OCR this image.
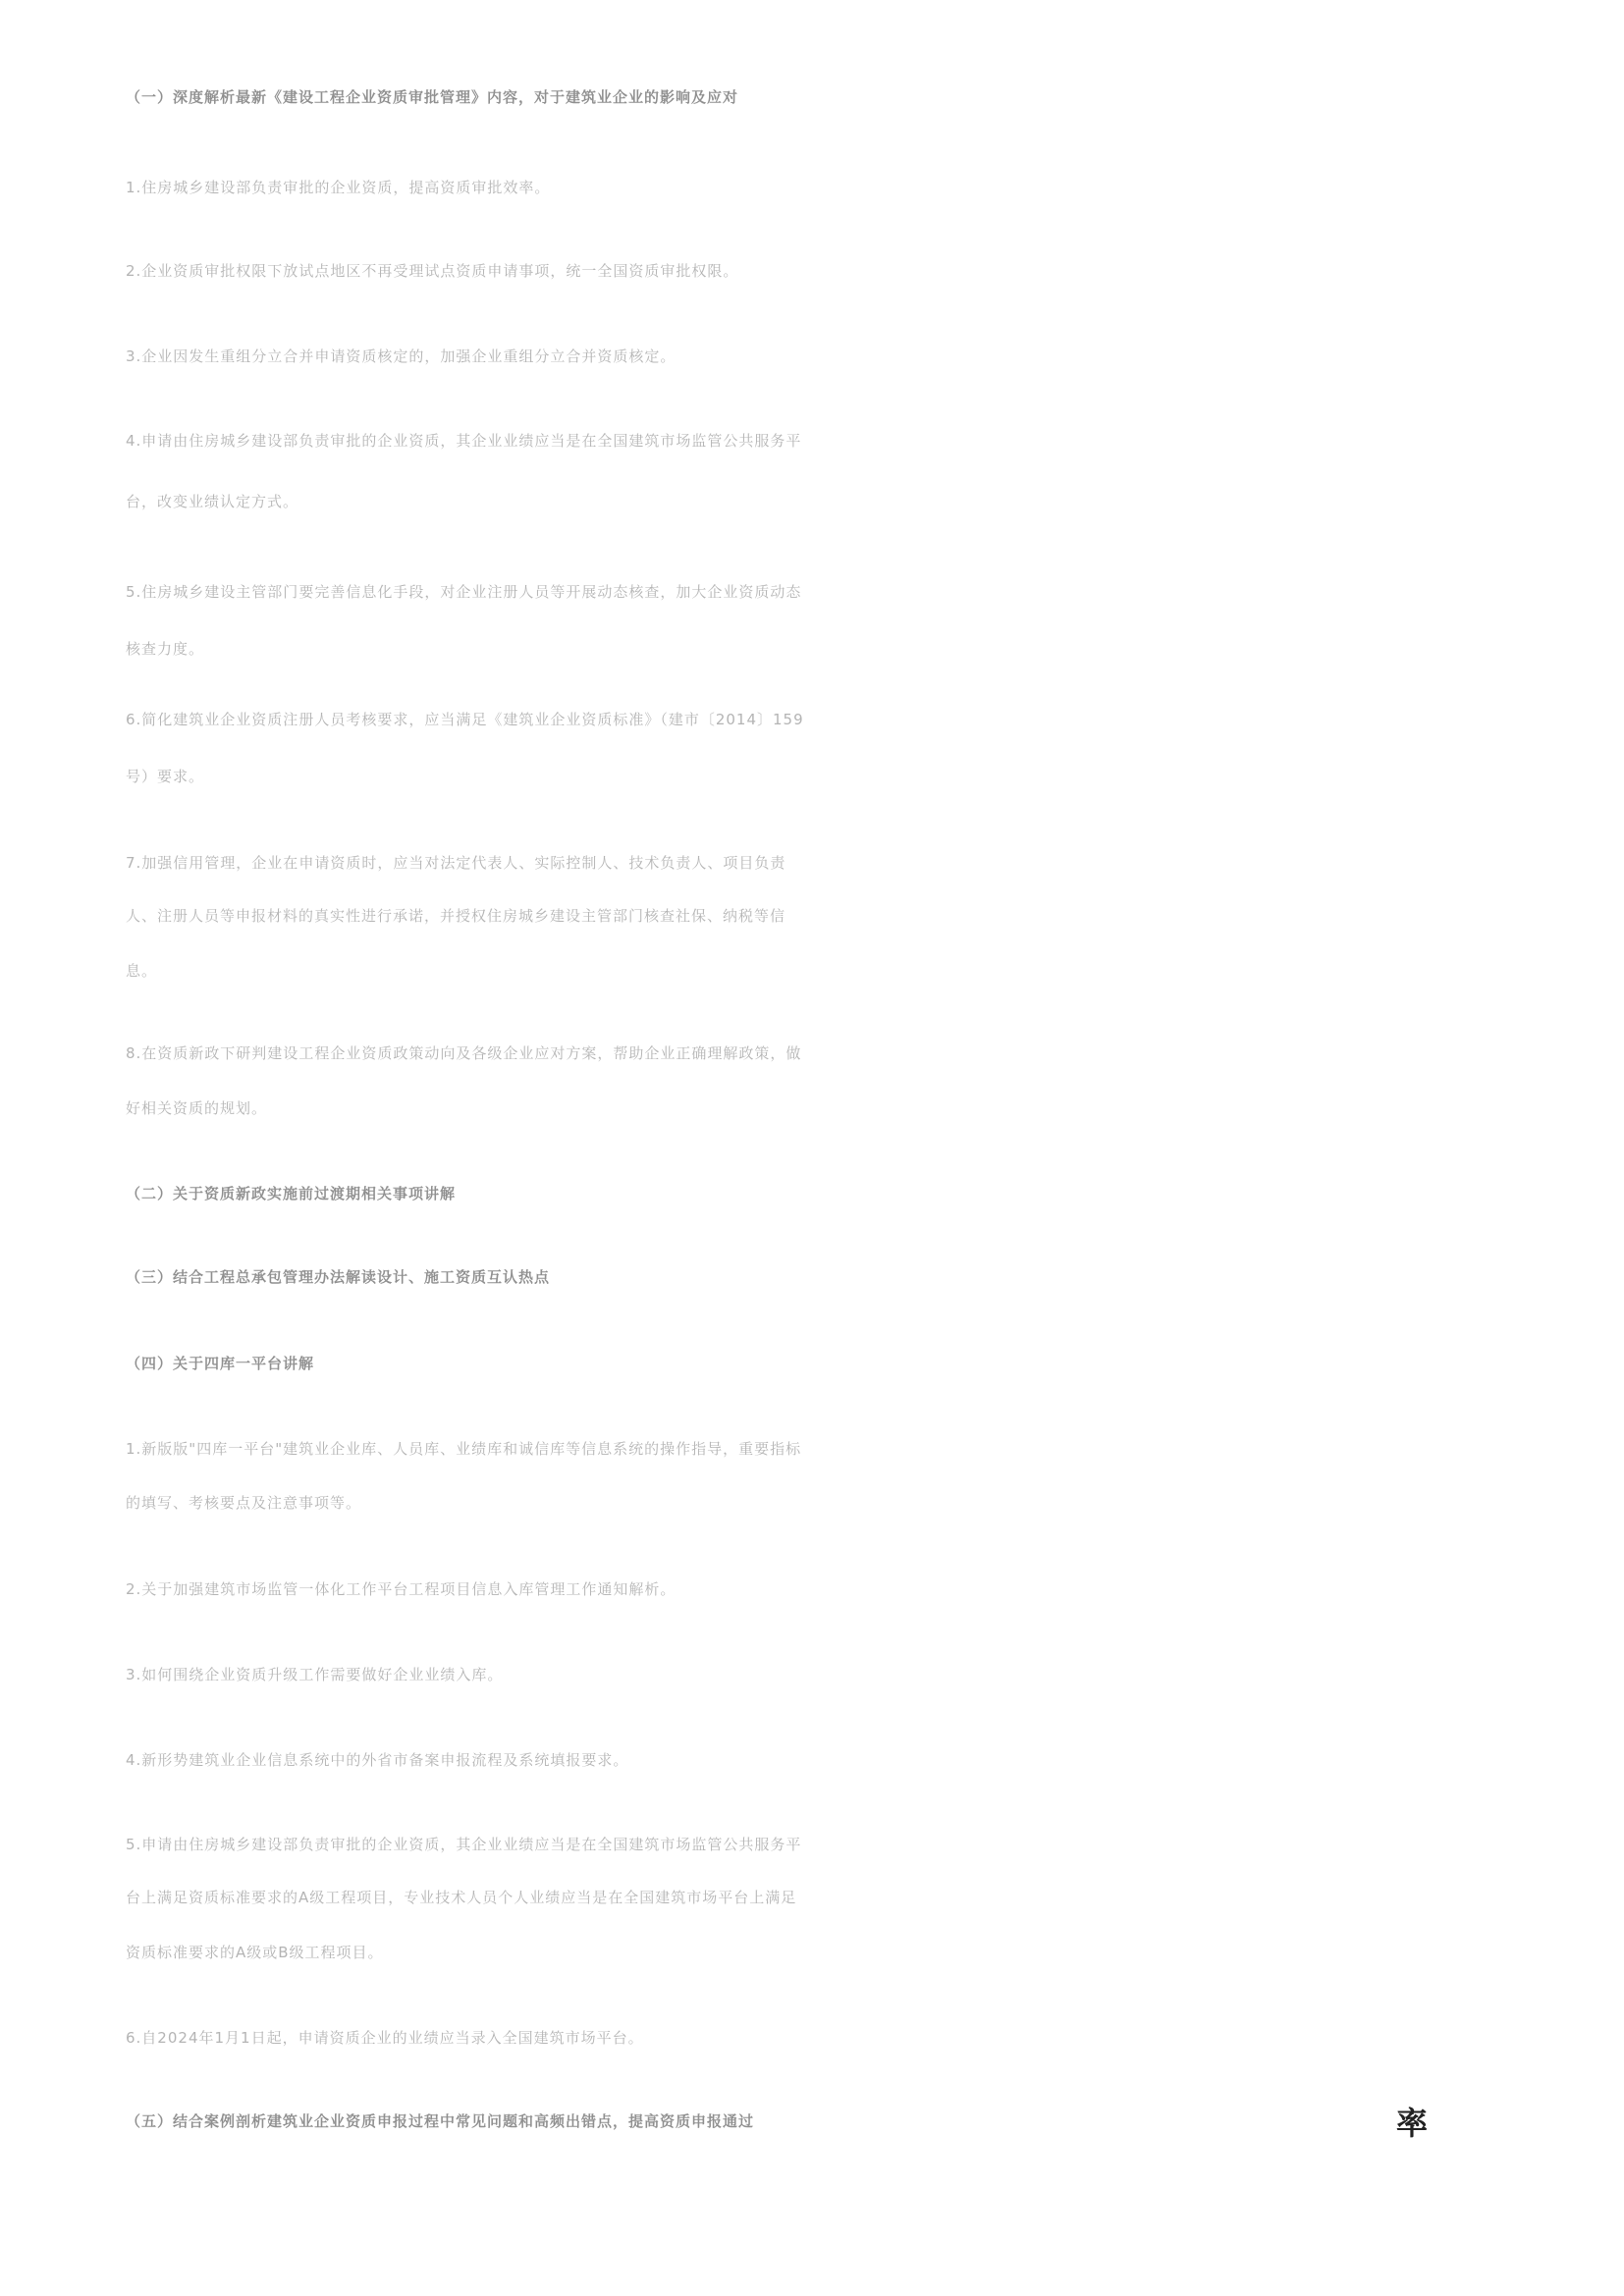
（一）深度解析最新《建设工程企业资质审批管理》内容，对于建筑业企业的影响及应对
1.住房城乡建设部负责审批的企业资质，提高资质审批效率。
2.企业资质审批权限下放试点地区不再受理试点资质申请事项，统一全国资质审批权限。
3.企业因发生重组分立合并申请资质核定的，加强企业重组分立合并资质核定。
4.申请由住房城乡建设部负责审批的企业资质，其企业业绩应当是在全国建筑市场监管公共服务平
台，改变业绩认定方式。
5.住房城乡建设主管部门要完善信息化手段，对企业注册人员等开展动态核查，加大企业资质动态
核查力度。
6.简化建筑业企业资质注册人员考核要求，应当满足《建筑业企业资质标准》（建市〔2014〕159
号）要求。
7.加强信用管理，企业在申请资质时，应当对法定代表人、实际控制人、技术负责人、项目负责
人、注册人员等申报材料的真实性进行承诺，并授权住房城乡建设主管部门核查社保、纳税等信
息。
8.在资质新政下研判建设工程企业资质政策动向及各级企业应对方案，帮助企业正确理解政策，做
好相关资质的规划。
（二）关于资质新政实施前过渡期相关事项讲解
（三）结合工程总承包管理办法解读设计、施工资质互认热点
（四）关于四库一平台讲解
1.新版版"四库一平台"建筑业企业库、人员库、业绩库和诚信库等信息系统的操作指导，重要指标
的填写、考核要点及注意事项等。
2.关于加强建筑市场监管一体化工作平台工程项目信息入库管理工作通知解析。
3.如何围绕企业资质升级工作需要做好企业业绩入库。
4.新形势建筑业企业信息系统中的外省市备案申报流程及系统填报要求。
5.申请由住房城乡建设部负责审批的企业资质，其企业业绩应当是在全国建筑市场监管公共服务平
台上满足资质标准要求的A级工程项目，专业技术人员个人业绩应当是在全国建筑市场平台上满足
资质标准要求的A级或B级工程项目。
6.自2024年1月1日起，申请资质企业的业绩应当录入全国建筑市场平台。
（五）结合案例剖析建筑业企业资质申报过程中常见问题和高频出错点，提高资质申报通过	率
